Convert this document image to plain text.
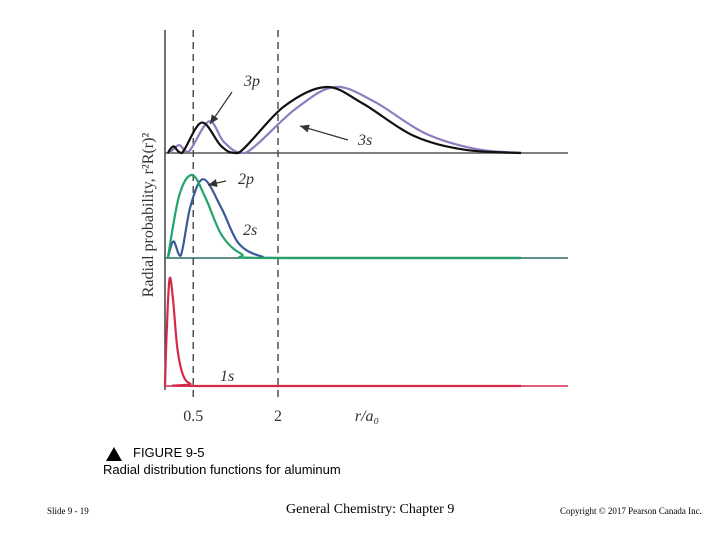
Radial probability, r²R(r)²
r/a₀
0.5	2
3p
3s
2p
2s
1s
FIGURE 9-5
Radial distribution functions for aluminum
Slide 9 - 19	General Chemistry: Chapter 9	Copyright © 2017 Pearson Canada Inc.
